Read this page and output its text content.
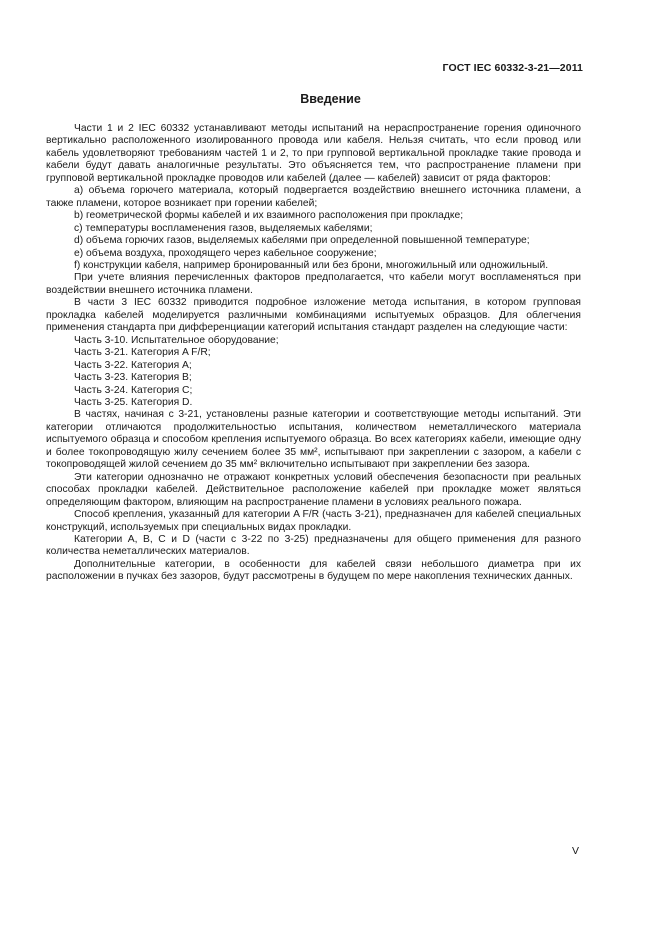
ГОСТ IEC 60332-3-21—2011
Введение

Части 1 и 2 IEC 60332 устанавливают методы испытаний на нераспространение горения одиночного вертикально расположенного изолированного провода или кабеля. Нельзя считать, что если провод или кабель удовлетворяют требованиям частей 1 и 2, то при групповой вертикальной прокладке такие провода и кабели будут давать аналогичные результаты. Это объясняется тем, что распространение пламени при групповой вертикальной прокладке проводов или кабелей (далее — кабелей) зависит от ряда факторов:

a) объема горючего материала, который подвергается воздействию внешнего источника пламени, а также пламени, которое возникает при горении кабелей;

b) геометрической формы кабелей и их взаимного расположения при прокладке;

c) температуры воспламенения газов, выделяемых кабелями;

d) объема горючих газов, выделяемых кабелями при определенной повышенной температуре;

e) объема воздуха, проходящего через кабельное сооружение;

f) конструкции кабеля, например бронированный или без брони, многожильный или одножильный.

При учете влияния перечисленных факторов предполагается, что кабели могут воспламеняться при воздействии внешнего источника пламени.

В части 3 IEC 60332 приводится подробное изложение метода испытания, в котором групповая прокладка кабелей моделируется различными комбинациями испытуемых образцов. Для облегчения применения стандарта при дифференциации категорий испытания стандарт разделен на следующие части:

Часть 3-10. Испытательное оборудование;

Часть 3-21. Категория A F/R;

Часть 3-22. Категория А;

Часть 3-23. Категория В;

Часть 3-24. Категория С;

Часть 3-25. Категория D.

В частях, начиная с 3-21, установлены разные категории и соответствующие методы испытаний. Эти категории отличаются продолжительностью испытания, количеством неметаллического материала испытуемого образца и способом крепления испытуемого образца. Во всех категориях кабели, имеющие одну и более токопроводящую жилу сечением более 35 мм², испытывают при закреплении с зазором, а кабели с токопроводящей жилой сечением до 35 мм² включительно испытывают при закреплении без зазора.

Эти категории однозначно не отражают конкретных условий обеспечения безопасности при реальных способах прокладки кабелей. Действительное расположение кабелей при прокладке может являться определяющим фактором, влияющим на распространение пламени в условиях реального пожара.

Способ крепления, указанный для категории A F/R (часть 3-21), предназначен для кабелей специальных конструкций, используемых при специальных видах прокладки.

Категории А, В, С и D (части с 3-22 по 3-25) предназначены для общего применения для разного количества неметаллических материалов.

Дополнительные категории, в особенности для кабелей связи небольшого диаметра при их расположении в пучках без зазоров, будут рассмотрены в будущем по мере накопления технических данных.

V
